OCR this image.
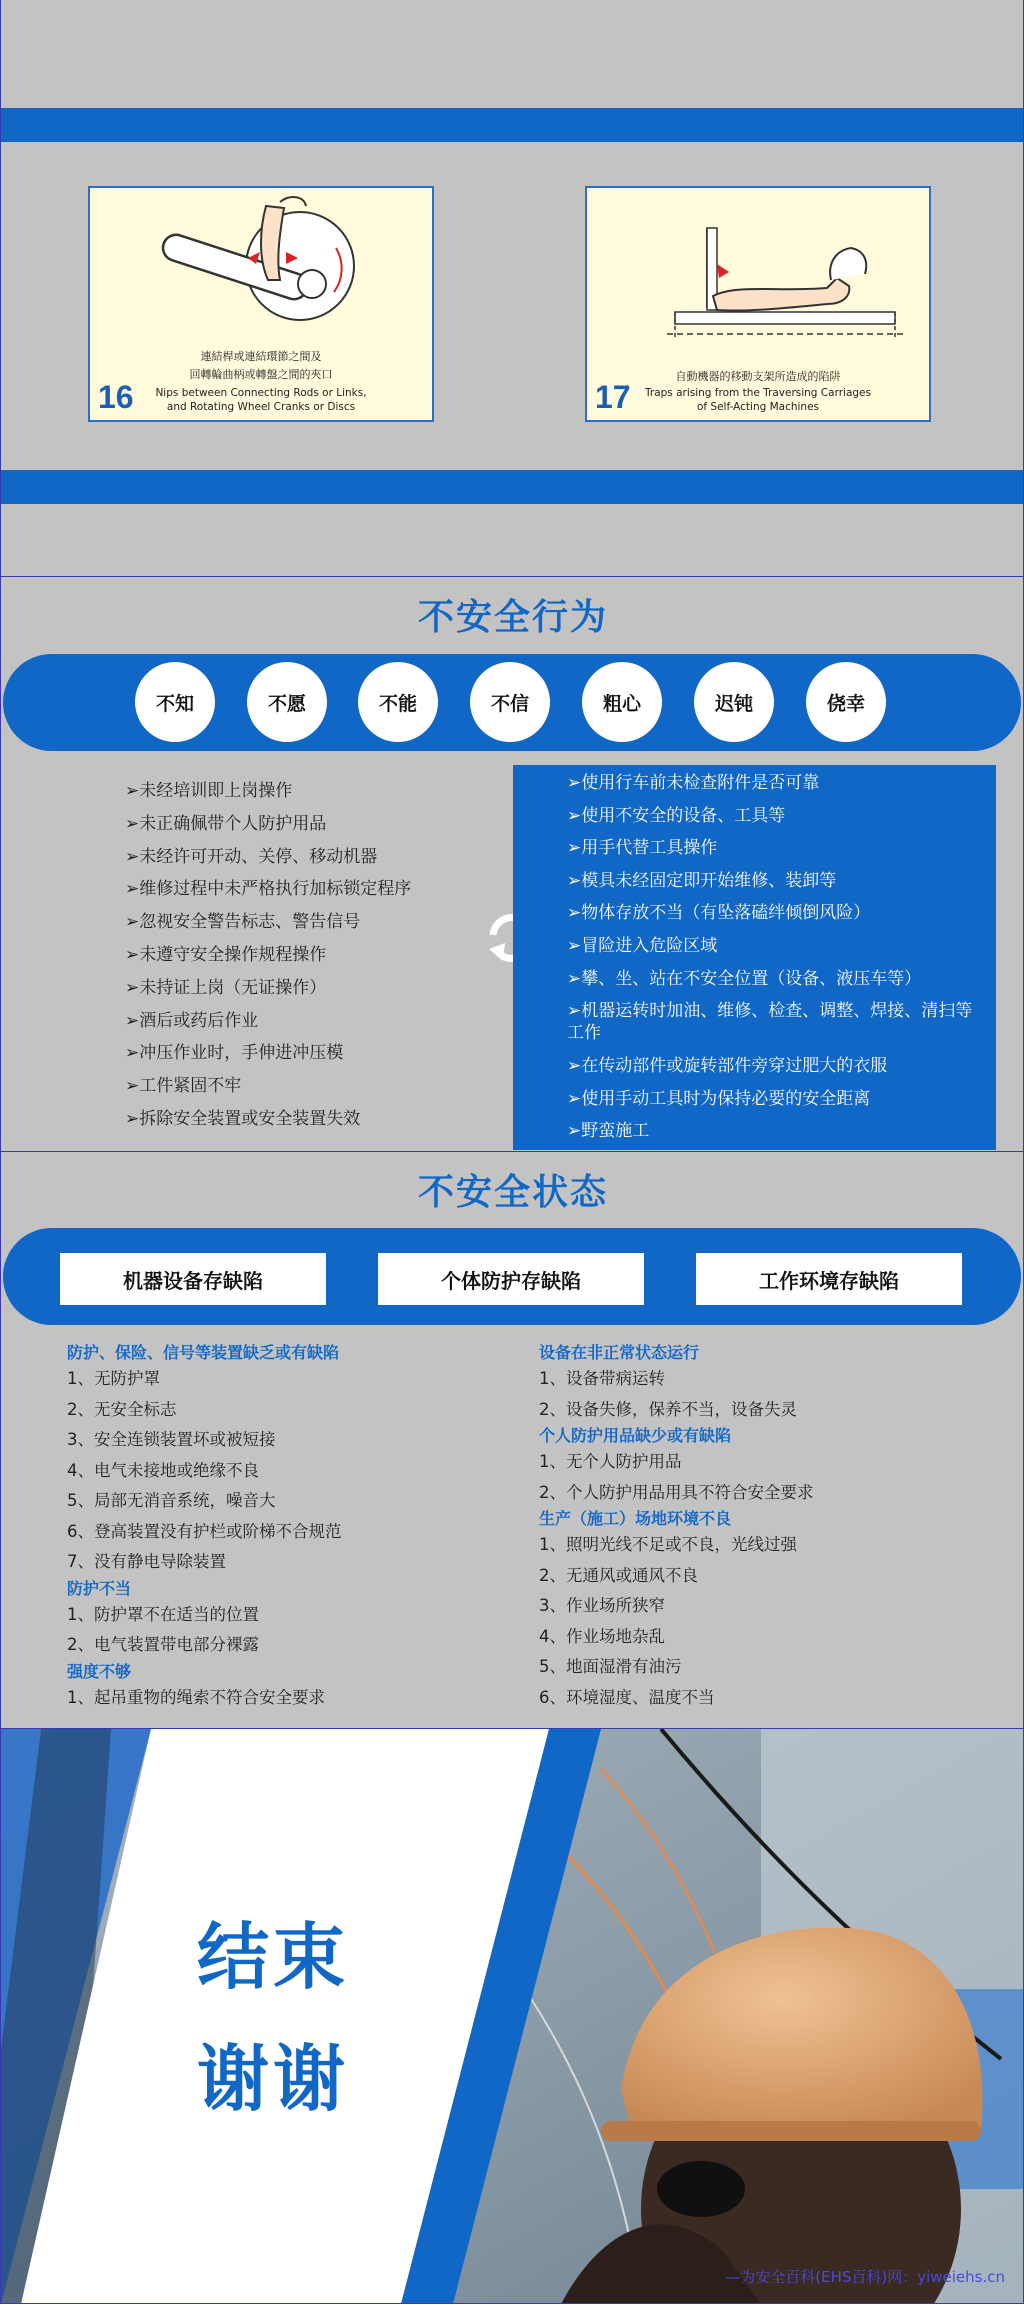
連結桿或連結環節之間及
回轉輪曲柄或轉盤之間的夾口
Nips between Connecting Rods or Links,
and Rotating Wheel Cranks or Discs
16
自動機器的移動支架所造成的陷阱
Traps arising from the Traversing Carriages
of Self-Acting Machines
17
不安全行为
不知	不愿	不能	不信	粗心	迟钝	侥幸
➢未经培训即上岗操作
➢未正确佩带个人防护用品
➢未经许可开动、关停、移动机器
➢维修过程中未严格执行加标锁定程序
➢忽视安全警告标志、警告信号
➢未遵守安全操作规程操作
➢未持证上岗（无证操作）
➢酒后或药后作业
➢冲压作业时，手伸进冲压模
➢工件紧固不牢
➢拆除安全装置或安全装置失效
➢使用行车前未检查附件是否可靠
➢使用不安全的设备、工具等
➢用手代替工具操作
➢模具未经固定即开始维修、装卸等
➢物体存放不当（有坠落磕绊倾倒风险）
➢冒险进入危险区域
➢攀、坐、站在不安全位置（设备、液压车等）
➢机器运转时加油、维修、检查、调整、焊接、清扫等工作
➢在传动部件或旋转部件旁穿过肥大的衣服
➢使用手动工具时为保持必要的安全距离
➢野蛮施工
不安全状态
机器设备存缺陷	个体防护存缺陷	工作环境存缺陷
防护、保险、信号等装置缺乏或有缺陷
1、无防护罩
2、无安全标志
3、安全连锁装置坏或被短接
4、电气未接地或绝缘不良
5、局部无消音系统，噪音大
6、登高装置没有护栏或阶梯不合规范
7、没有静电导除装置
防护不当
1、防护罩不在适当的位置
2、电气装置带电部分裸露
强度不够
1、起吊重物的绳索不符合安全要求
设备在非正常状态运行
1、设备带病运转
2、设备失修，保养不当，设备失灵
个人防护用品缺少或有缺陷
1、无个人防护用品
2、个人防护用品用具不符合安全要求
生产（施工）场地环境不良
1、照明光线不足或不良，光线过强
2、无通风或通风不良
3、作业场所狭窄
4、作业场地杂乱
5、地面湿滑有油污
6、环境湿度、温度不当
结束
谢谢
—为安全百科(EHS百科)网：yiweiehs.cn
